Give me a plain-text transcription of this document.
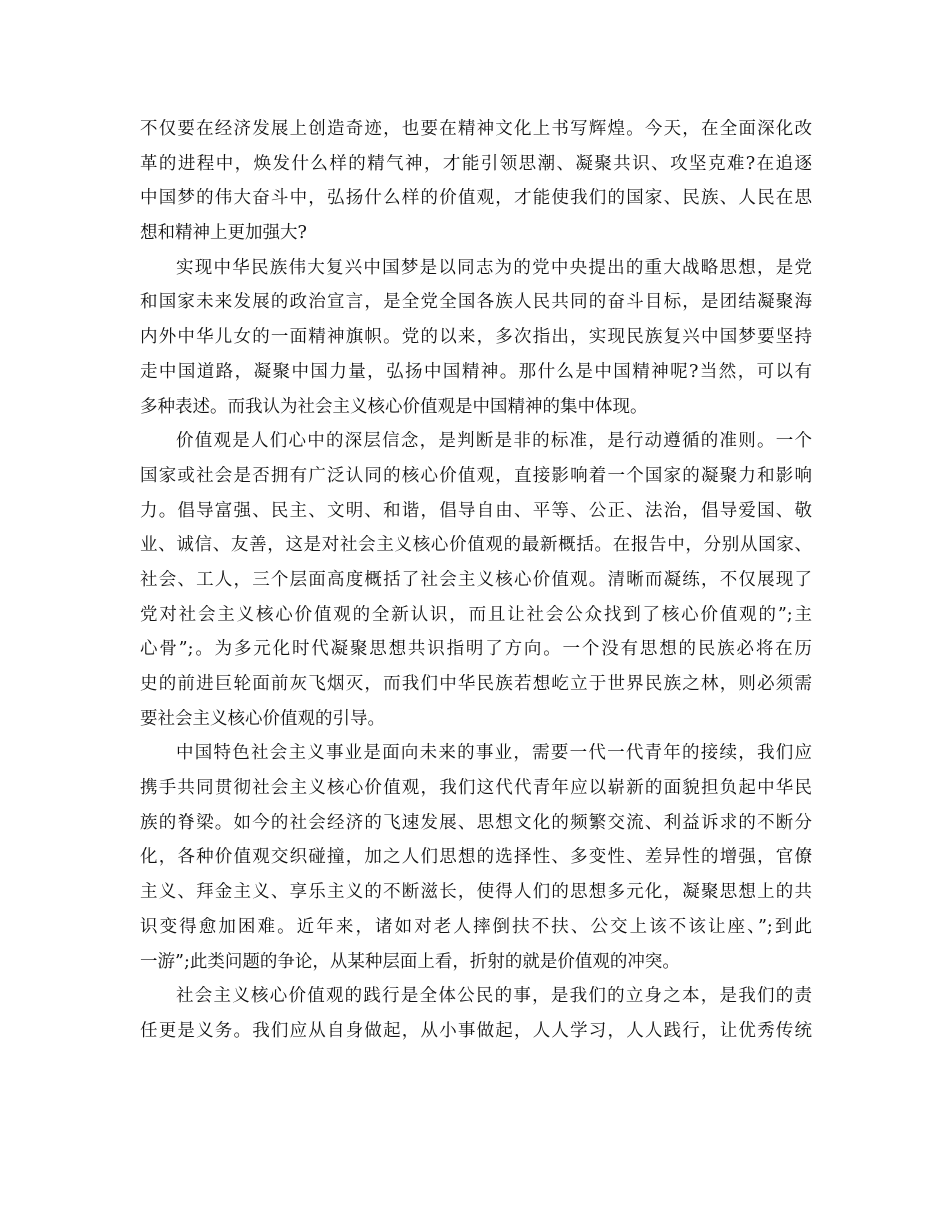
不仅要在经济发展上创造奇迹，也要在精神文化上书写辉煌。今天，在全面深化改
革的进程中，焕发什么样的精气神，才能引领思潮、凝聚共识、攻坚克难?在追逐
中国梦的伟大奋斗中，弘扬什么样的价值观，才能使我们的国家、民族、人民在思
想和精神上更加强大?
实现中华民族伟大复兴中国梦是以同志为的党中央提出的重大战略思想，是党
和国家未来发展的政治宣言，是全党全国各族人民共同的奋斗目标，是团结凝聚海
内外中华儿女的一面精神旗帜。党的以来，多次指出，实现民族复兴中国梦要坚持
走中国道路，凝聚中国力量，弘扬中国精神。那什么是中国精神呢?当然，可以有
多种表述。而我认为社会主义核心价值观是中国精神的集中体现。
价值观是人们心中的深层信念，是判断是非的标准，是行动遵循的准则。一个
国家或社会是否拥有广泛认同的核心价值观，直接影响着一个国家的凝聚力和影响
力。倡导富强、民主、文明、和谐，倡导自由、平等、公正、法治，倡导爱国、敬
业、诚信、友善，这是对社会主义核心价值观的最新概括。在报告中，分别从国家、
社会、工人，三个层面高度概括了社会主义核心价值观。清晰而凝练，不仅展现了
党对社会主义核心价值观的全新认识，而且让社会公众找到了核心价值观的”;主
心骨”;。为多元化时代凝聚思想共识指明了方向。一个没有思想的民族必将在历
史的前进巨轮面前灰飞烟灭，而我们中华民族若想屹立于世界民族之林，则必须需
要社会主义核心价值观的引导。
中国特色社会主义事业是面向未来的事业，需要一代一代青年的接续，我们应
携手共同贯彻社会主义核心价值观，我们这代代青年应以崭新的面貌担负起中华民
族的脊梁。如今的社会经济的飞速发展、思想文化的频繁交流、利益诉求的不断分
化，各种价值观交织碰撞，加之人们思想的选择性、多变性、差异性的增强，官僚
主义、拜金主义、享乐主义的不断滋长，使得人们的思想多元化，凝聚思想上的共
识变得愈加困难。近年来，诸如对老人摔倒扶不扶、公交上该不该让座、”;到此
一游”;此类问题的争论，从某种层面上看，折射的就是价值观的冲突。
社会主义核心价值观的践行是全体公民的事，是我们的立身之本，是我们的责
任更是义务。我们应从自身做起，从小事做起，人人学习，人人践行，让优秀传统
